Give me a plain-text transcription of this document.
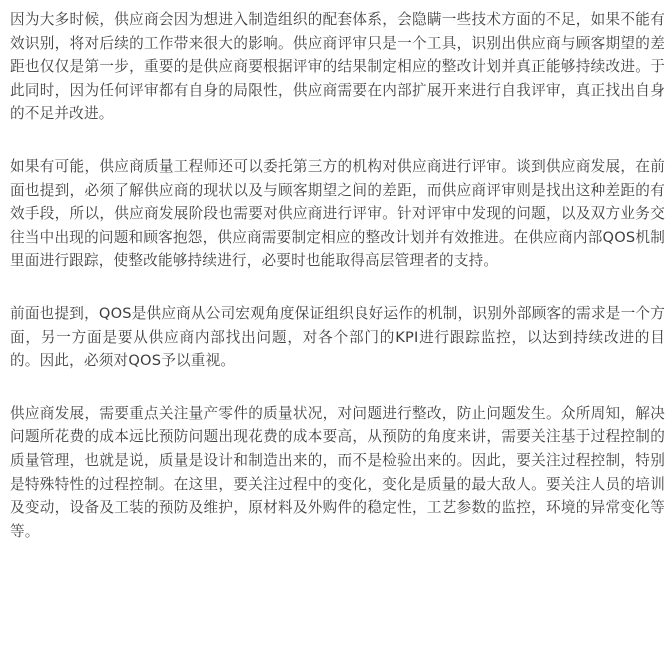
因为大多时候，供应商会因为想进入制造组织的配套体系，会隐瞒一些技术方面的不足，如果不能有效识别，将对后续的工作带来很大的影响。供应商评审只是一个工具，识别出供应商与顾客期望的差距也仅仅是第一步，重要的是供应商要根据评审的结果制定相应的整改计划并真正能够持续改进。于此同时，因为任何评审都有自身的局限性，供应商需要在内部扩展开来进行自我评审，真正找出自身的不足并改进。

如果有可能，供应商质量工程师还可以委托第三方的机构对供应商进行评审。谈到供应商发展，在前面也提到，必须了解供应商的现状以及与顾客期望之间的差距，而供应商评审则是找出这种差距的有效手段，所以，供应商发展阶段也需要对供应商进行评审。针对评审中发现的问题，以及双方业务交往当中出现的问题和顾客抱怨，供应商需要制定相应的整改计划并有效推进。在供应商内部QOS机制里面进行跟踪，使整改能够持续进行，必要时也能取得高层管理者的支持。

前面也提到，QOS是供应商从公司宏观角度保证组织良好运作的机制，识别外部顾客的需求是一个方面，另一方面是要从供应商内部找出问题，对各个部门的KPI进行跟踪监控，以达到持续改进的目的。因此，必须对QOS予以重视。

供应商发展，需要重点关注量产零件的质量状况，对问题进行整改，防止问题发生。众所周知，解决问题所花费的成本远比预防问题出现花费的成本要高，从预防的角度来讲，需要关注基于过程控制的质量管理，也就是说，质量是设计和制造出来的，而不是检验出来的。因此，要关注过程控制，特别是特殊特性的过程控制。在这里，要关注过程中的变化，变化是质量的最大敌人。要关注人员的培训及变动，设备及工装的预防及维护，原材料及外购件的稳定性，工艺参数的监控，环境的异常变化等等。
